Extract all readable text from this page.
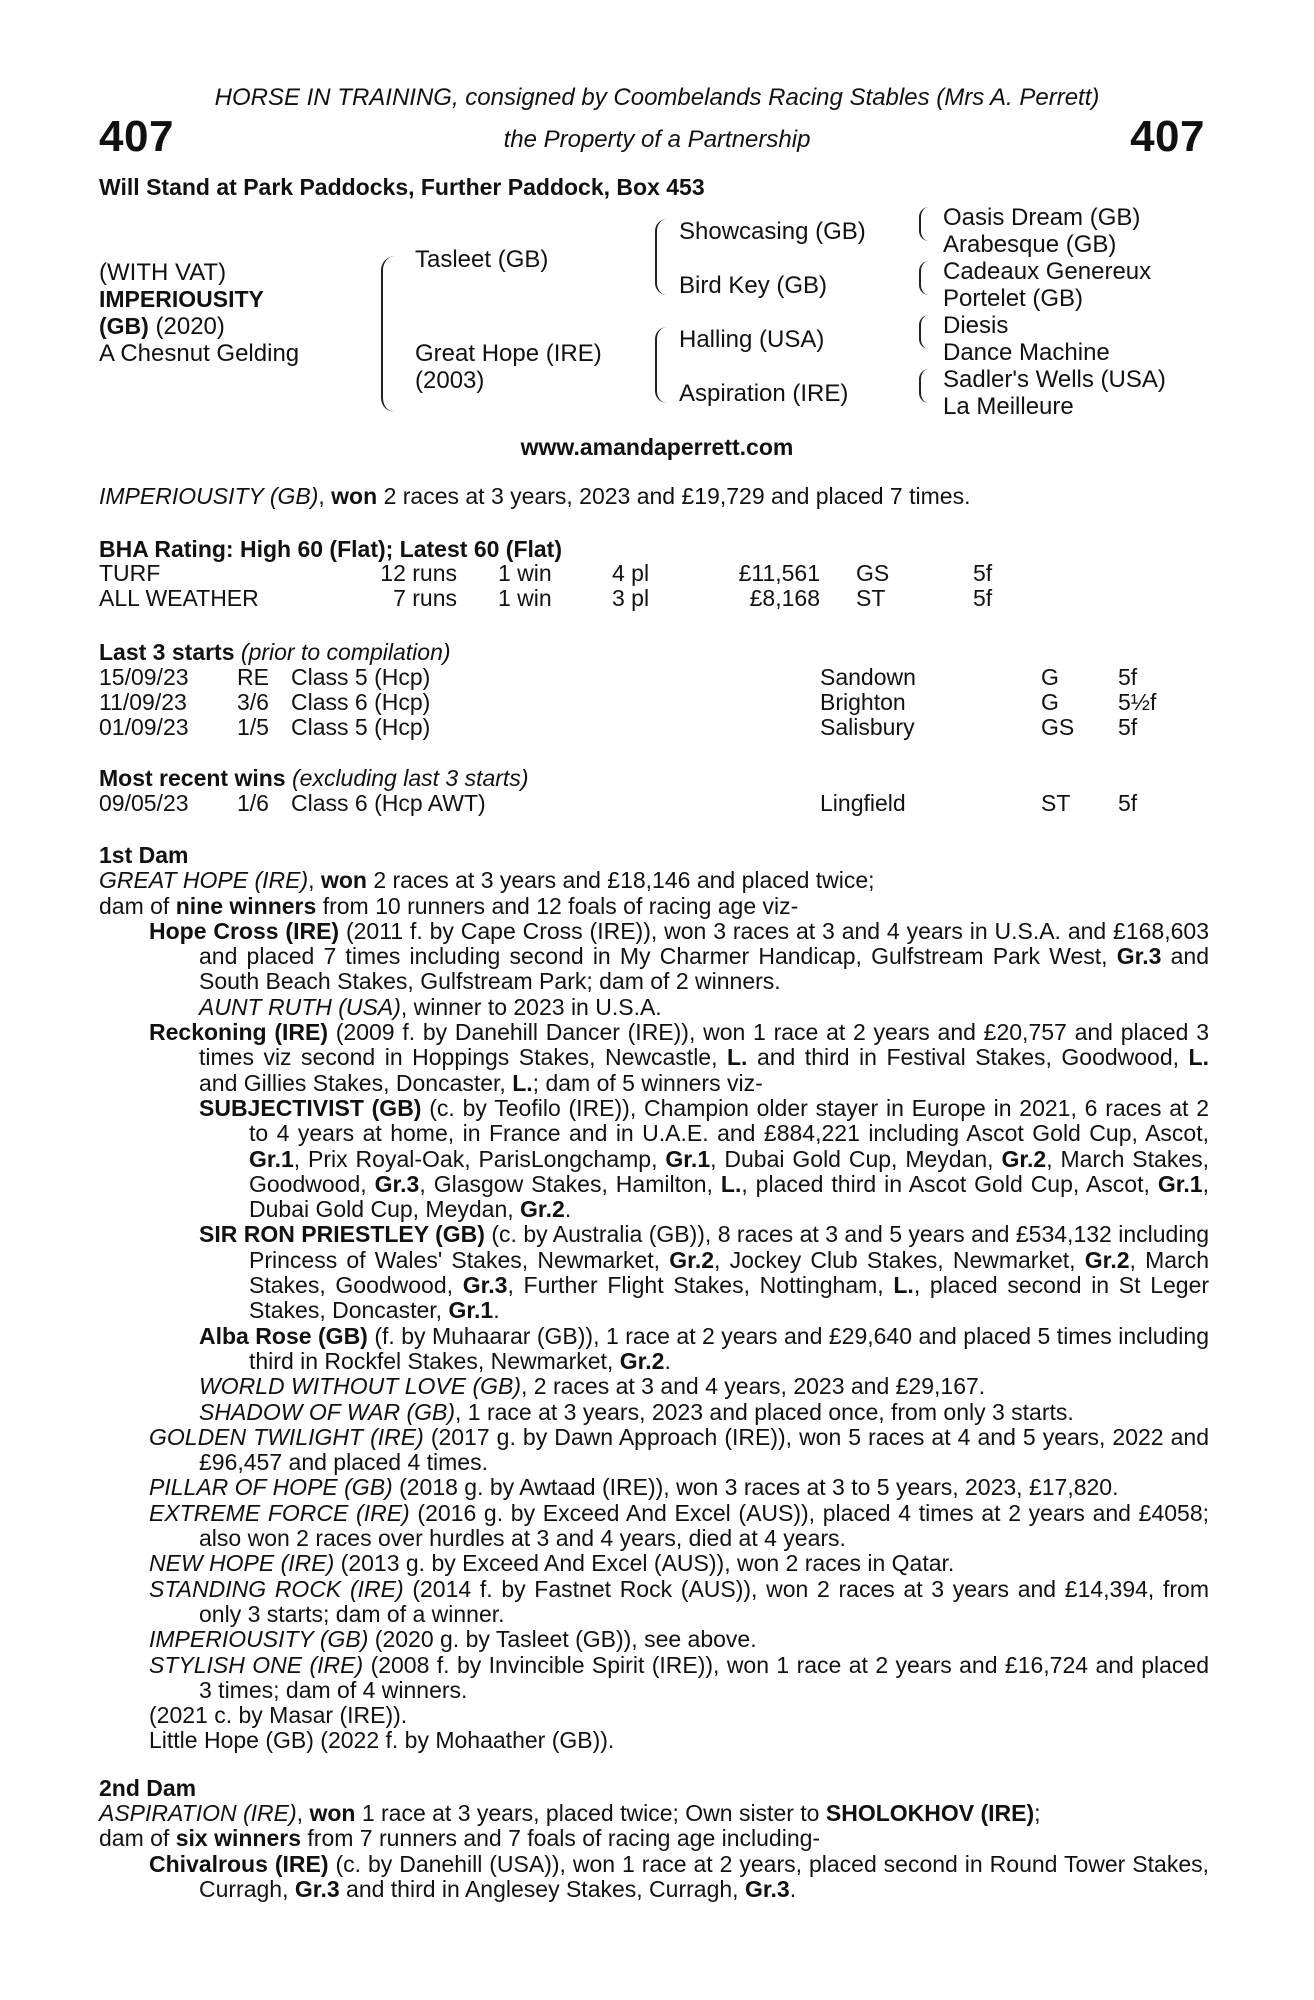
HORSE IN TRAINING, consigned by Coombelands Racing Stables (Mrs A. Perrett)
407	the Property of a Partnership	407
Will Stand at Park Paddocks, Further Paddock, Box 453
(WITH VAT)
IMPERIOUSITY
(GB) (2020)
A Chesnut Gelding
Tasleet (GB)
Great Hope (IRE)
(2003)
Showcasing (GB)
Bird Key (GB)
Halling (USA)
Aspiration (IRE)
Oasis Dream (GB)
Arabesque (GB)
Cadeaux Genereux
Portelet (GB)
Diesis
Dance Machine
Sadler's Wells (USA)
La Meilleure
www.amandaperrett.com
IMPERIOUSITY (GB), won 2 races at 3 years, 2023 and £19,729 and placed 7 times.
BHA Rating: High 60 (Flat); Latest 60 (Flat)
TURF	12 runs 1 win	4 pl	£11,561 GS	5f
ALL WEATHER	7 runs 1 win	3 pl	£8,168 ST	5f
Last 3 starts (prior to compilation)
15/09/23 RE Class 5 (Hcp)	Sandown	G	5f
11/09/23 3/6 Class 6 (Hcp)	Brighton	G	5½f
01/09/23 1/5 Class 5 (Hcp)	Salisbury	GS 5f
Most recent wins (excluding last 3 starts)
09/05/23 1/6 Class 6 (Hcp AWT)	Lingfield	ST 5f

1st Dam

GREAT HOPE (IRE), won 2 races at 3 years and £18,146 and placed twice;

dam of nine winners from 10 runners and 12 foals of racing age viz-

Hope Cross (IRE) (2011 f. by Cape Cross (IRE)), won 3 races at 3 and 4 years in U.S.A. and £168,603 and placed 7 times including second in My Charmer Handicap, Gulfstream Park West, Gr.3 and South Beach Stakes, Gulfstream Park; dam of 2 winners.

AUNT RUTH (USA), winner to 2023 in U.S.A.

Reckoning (IRE) (2009 f. by Danehill Dancer (IRE)), won 1 race at 2 years and £20,757 and placed 3 times viz second in Hoppings Stakes, Newcastle, L. and third in Festival Stakes, Goodwood, L. and Gillies Stakes, Doncaster, L.; dam of 5 winners viz-

SUBJECTIVIST (GB) (c. by Teofilo (IRE)), Champion older stayer in Europe in 2021, 6 races at 2 to 4 years at home, in France and in U.A.E. and £884,221 including Ascot Gold Cup, Ascot, Gr.1, Prix Royal-Oak, ParisLongchamp, Gr.1, Dubai Gold Cup, Meydan, Gr.2, March Stakes, Goodwood, Gr.3, Glasgow Stakes, Hamilton, L., placed third in Ascot Gold Cup, Ascot, Gr.1, Dubai Gold Cup, Meydan, Gr.2.

SIR RON PRIESTLEY (GB) (c. by Australia (GB)), 8 races at 3 and 5 years and £534,132 including Princess of Wales' Stakes, Newmarket, Gr.2, Jockey Club Stakes, Newmarket, Gr.2, March Stakes, Goodwood, Gr.3, Further Flight Stakes, Nottingham, L., placed second in St Leger Stakes, Doncaster, Gr.1.

Alba Rose (GB) (f. by Muhaarar (GB)), 1 race at 2 years and £29,640 and placed 5 times including third in Rockfel Stakes, Newmarket, Gr.2.

WORLD WITHOUT LOVE (GB), 2 races at 3 and 4 years, 2023 and £29,167.

SHADOW OF WAR (GB), 1 race at 3 years, 2023 and placed once, from only 3 starts.

GOLDEN TWILIGHT (IRE) (2017 g. by Dawn Approach (IRE)), won 5 races at 4 and 5 years, 2022 and £96,457 and placed 4 times.

PILLAR OF HOPE (GB) (2018 g. by Awtaad (IRE)), won 3 races at 3 to 5 years, 2023, £17,820.

EXTREME FORCE (IRE) (2016 g. by Exceed And Excel (AUS)), placed 4 times at 2 years and £4058; also won 2 races over hurdles at 3 and 4 years, died at 4 years.

NEW HOPE (IRE) (2013 g. by Exceed And Excel (AUS)), won 2 races in Qatar.

STANDING ROCK (IRE) (2014 f. by Fastnet Rock (AUS)), won 2 races at 3 years and £14,394, from only 3 starts; dam of a winner.

IMPERIOUSITY (GB) (2020 g. by Tasleet (GB)), see above.

STYLISH ONE (IRE) (2008 f. by Invincible Spirit (IRE)), won 1 race at 2 years and £16,724 and placed 3 times; dam of 4 winners.

(2021 c. by Masar (IRE)).

Little Hope (GB) (2022 f. by Mohaather (GB)).

2nd Dam

ASPIRATION (IRE), won 1 race at 3 years, placed twice; Own sister to SHOLOKHOV (IRE);

dam of six winners from 7 runners and 7 foals of racing age including-

Chivalrous (IRE) (c. by Danehill (USA)), won 1 race at 2 years, placed second in Round Tower Stakes, Curragh, Gr.3 and third in Anglesey Stakes, Curragh, Gr.3.
